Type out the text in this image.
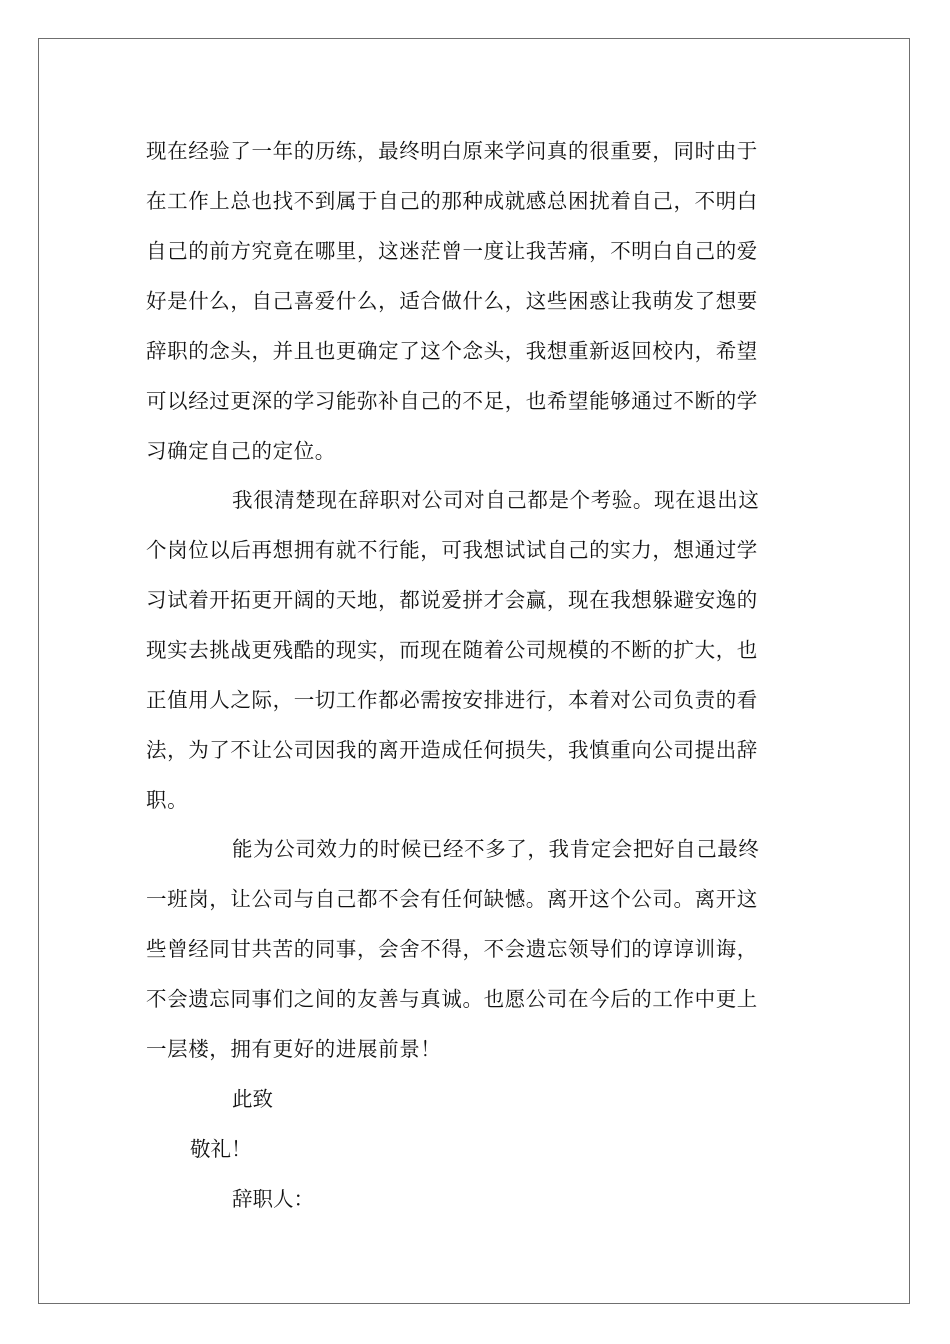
现在经验了一年的历练，最终明白原来学问真的很重要，同时由于
在工作上总也找不到属于自己的那种成就感总困扰着自己，不明白
自己的前方究竟在哪里，这迷茫曾一度让我苦痛，不明白自己的爱
好是什么，自己喜爱什么，适合做什么，这些困惑让我萌发了想要
辞职的念头，并且也更确定了这个念头，我想重新返回校内，希望
可以经过更深的学习能弥补自己的不足，也希望能够通过不断的学
习确定自己的定位。
我很清楚现在辞职对公司对自己都是个考验。现在退出这
个岗位以后再想拥有就不行能，可我想试试自己的实力，想通过学
习试着开拓更开阔的天地，都说爱拼才会赢，现在我想躲避安逸的
现实去挑战更残酷的现实，而现在随着公司规模的不断的扩大，也
正值用人之际，一切工作都必需按安排进行，本着对公司负责的看
法，为了不让公司因我的离开造成任何损失，我慎重向公司提出辞
职。
能为公司效力的时候已经不多了，我肯定会把好自己最终
一班岗，让公司与自己都不会有任何缺憾。离开这个公司。离开这
些曾经同甘共苦的同事，会舍不得，不会遗忘领导们的谆谆训诲，
不会遗忘同事们之间的友善与真诚。也愿公司在今后的工作中更上
一层楼，拥有更好的进展前景！
此致
敬礼！
辞职人：
